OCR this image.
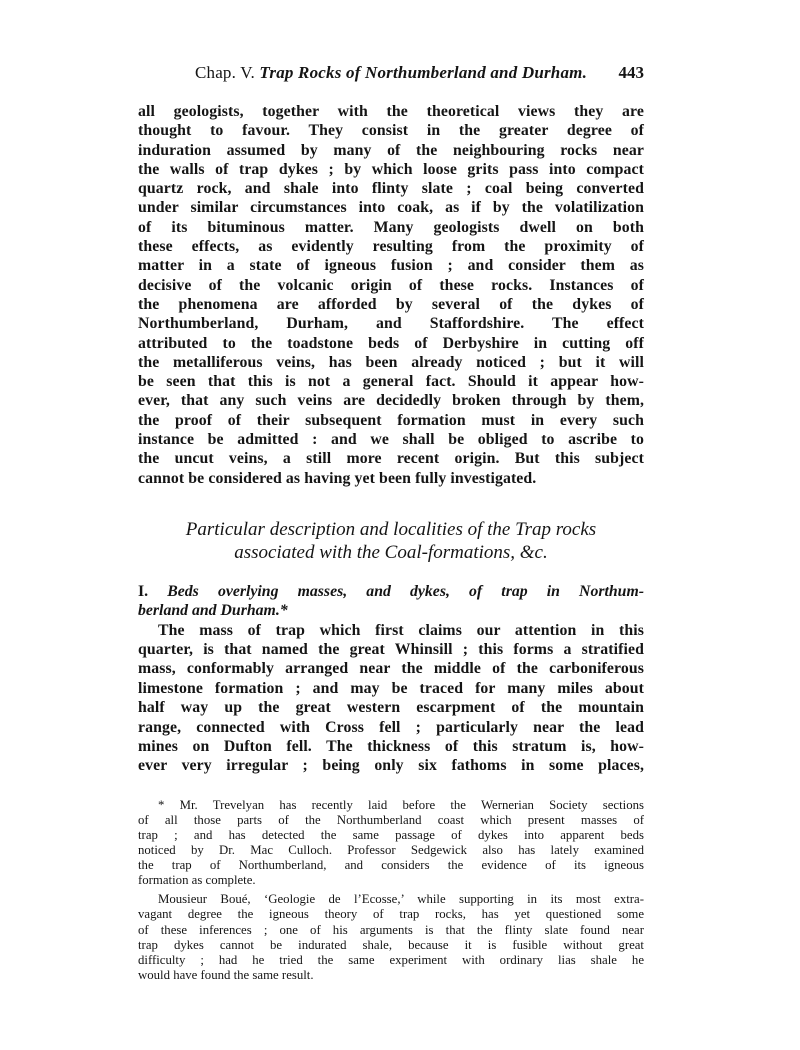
Chap. V. Trap Rocks of Northumberland and Durham.	443
all geologists, together with the theoretical views they are
thought to favour. They consist in the greater degree of
induration assumed by many of the neighbouring rocks near
the walls of trap dykes ; by which loose grits pass into compact
quartz rock, and shale into flinty slate ; coal being converted
under similar circumstances into coak, as if by the volatilization
of its bituminous matter. Many geologists dwell on both
these effects, as evidently resulting from the proximity of
matter in a state of igneous fusion ; and consider them as
decisive of the volcanic origin of these rocks. Instances of
the phenomena are afforded by several of the dykes of
Northumberland, Durham, and Staffordshire. The effect
attributed to the toadstone beds of Derbyshire in cutting off
the metalliferous veins, has been already noticed ; but it will
be seen that this is not a general fact. Should it appear how-
ever, that any such veins are decidedly broken through by them,
the proof of their subsequent formation must in every such
instance be admitted : and we shall be obliged to ascribe to
the uncut veins, a still more recent origin. But this subject
cannot be considered as having yet been fully investigated.
Particular description and localities of the Trap rocks
associated with the Coal-formations, &c.
I. Beds overlying masses, and dykes, of trap in Northum-
berland and Durham.*
The mass of trap which first claims our attention in this
quarter, is that named the great Whinsill ; this forms a stratified
mass, conformably arranged near the middle of the carboniferous
limestone formation ; and may be traced for many miles about
half way up the great western escarpment of the mountain
range, connected with Cross fell ; particularly near the lead
mines on Dufton fell. The thickness of this stratum is, how-
ever very irregular ; being only six fathoms in some places,
* Mr. Trevelyan has recently laid before the Wernerian Society sections
of all those parts of the Northumberland coast which present masses of
trap ; and has detected the same passage of dykes into apparent beds
noticed by Dr. Mac Culloch. Professor Sedgewick also has lately examined
the trap of Northumberland, and considers the evidence of its igneous
formation as complete.
Mousieur Boué, ‘Geologie de l’Ecosse,’ while supporting in its most extra-
vagant degree the igneous theory of trap rocks, has yet questioned some
of these inferences ; one of his arguments is that the flinty slate found near
trap dykes cannot be indurated shale, because it is fusible without great
difficulty ; had he tried the same experiment with ordinary lias shale he
would have found the same result.
